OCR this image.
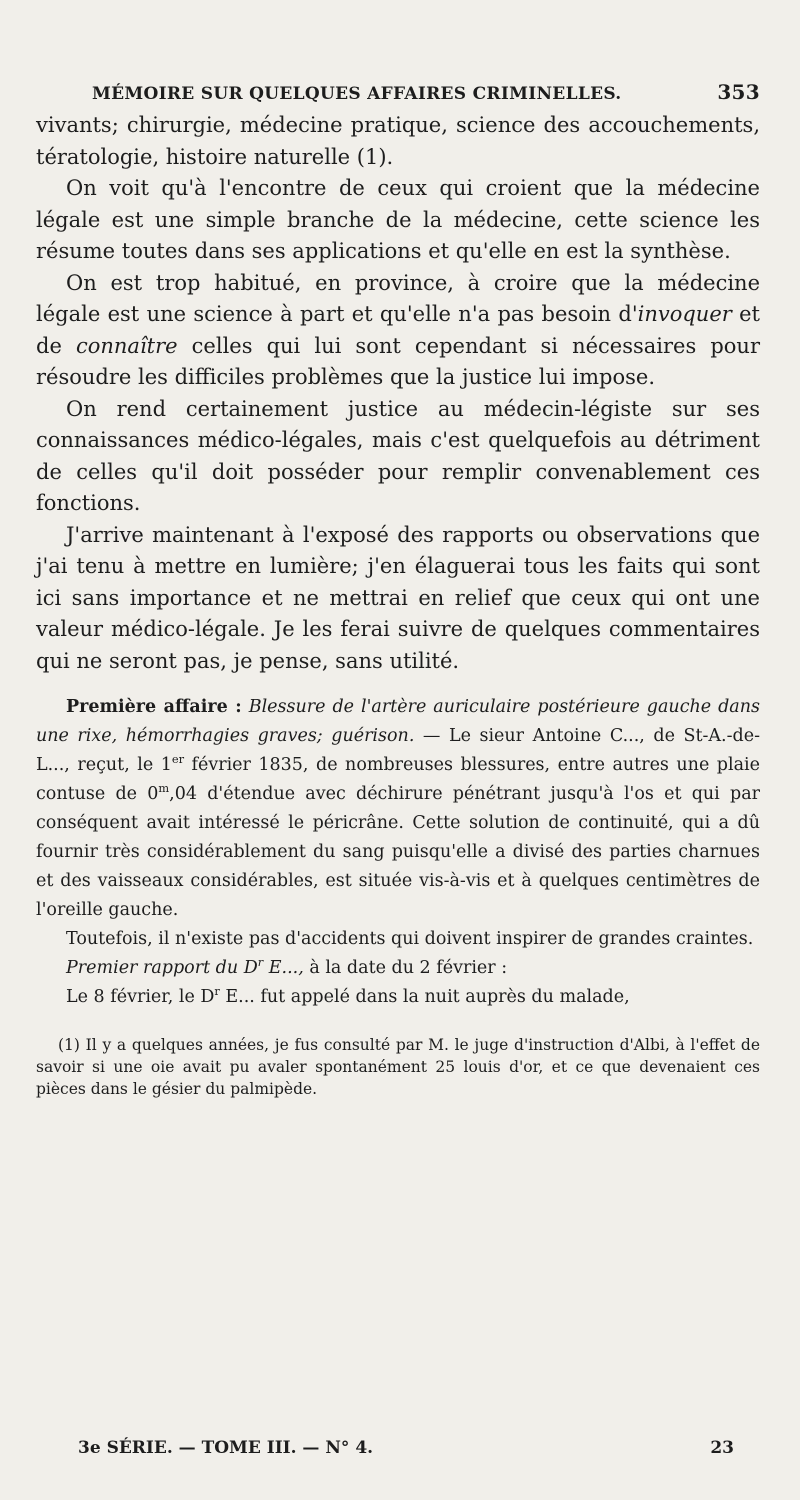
MÉMOIRE SUR QUELQUES AFFAIRES CRIMINELLES.	353

vivants; chirurgie, médecine pratique, science des accouchements, tératologie, histoire naturelle (1).

On voit qu'à l'encontre de ceux qui croient que la médecine légale est une simple branche de la médecine, cette science les résume toutes dans ses applications et qu'elle en est la synthèse.

On est trop habitué, en province, à croire que la médecine légale est une science à part et qu'elle n'a pas besoin d'invoquer et de connaître celles qui lui sont cependant si nécessaires pour résoudre les difficiles problèmes que la justice lui impose.

On rend certainement justice au médecin-légiste sur ses connaissances médico-légales, mais c'est quelquefois au détriment de celles qu'il doit posséder pour remplir convenablement ces fonctions.

J'arrive maintenant à l'exposé des rapports ou observations que j'ai tenu à mettre en lumière; j'en élaguerai tous les faits qui sont ici sans importance et ne mettrai en relief que ceux qui ont une valeur médico-légale. Je les ferai suivre de quelques commentaires qui ne seront pas, je pense, sans utilité.

Première affaire : Blessure de l'artère auriculaire postérieure gauche dans une rixe, hémorrhagies graves; guérison. — Le sieur Antoine C..., de St-A.-de-L..., reçut, le 1er février 1835, de nombreuses blessures, entre autres une plaie contuse de 0$^m$,04 d'étendue avec déchirure pénétrant jusqu'à l'os et qui par conséquent avait intéressé le péricrâne. Cette solution de continuité, qui a dû fournir très considérablement du sang puisqu'elle a divisé des parties charnues et des vaisseaux considérables, est située vis-à-vis et à quelques centimètres de l'oreille gauche.

Toutefois, il n'existe pas d'accidents qui doivent inspirer de grandes craintes.

Premier rapport du $D^r$ E..., à la date du 2 février :

Le 8 février, le $D^r$ E... fut appelé dans la nuit auprès du malade,

(1) Il y a quelques années, je fus consulté par M. le juge d'instruction d'Albi, à l'effet de savoir si une oie avait pu avaler spontanément 25 louis d'or, et ce que devenaient ces pièces dans le gésier du palmipède.

3e SÉRIE. — TOME III. — N° 4.	23
